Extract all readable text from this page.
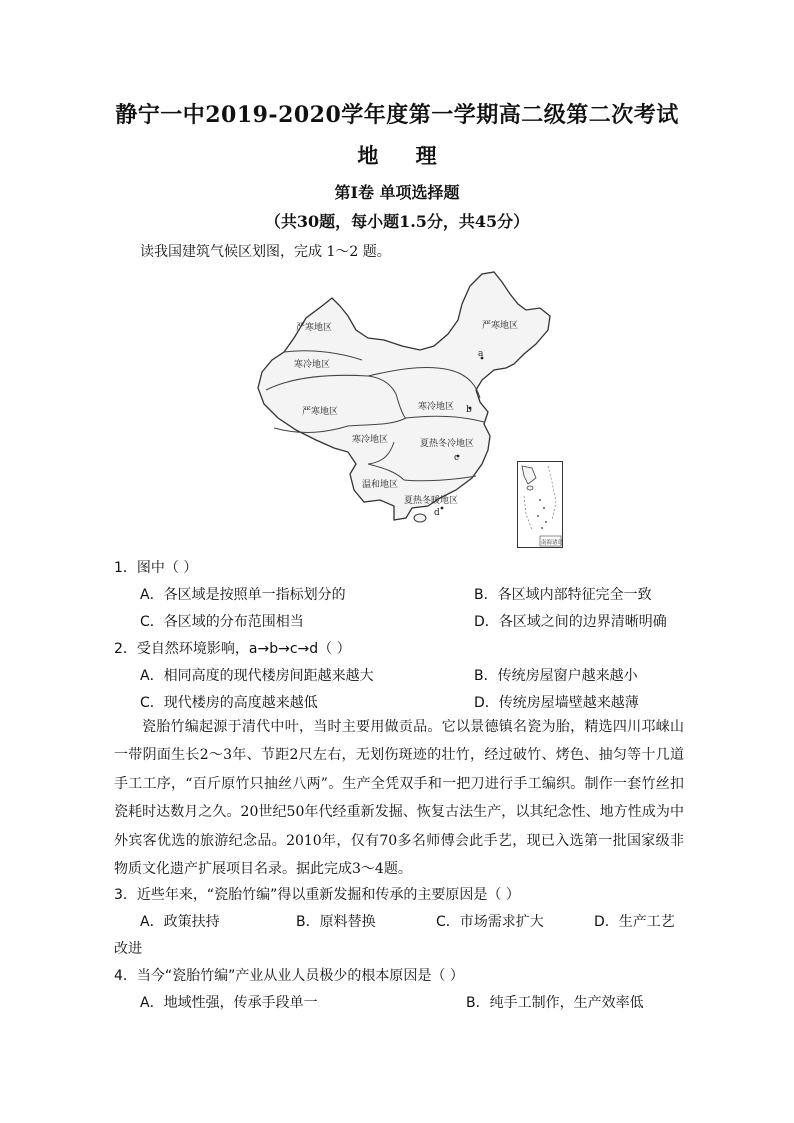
静宁一中2019-2020学年度第一学期高二级第二次考试
地 理
第Ⅰ卷 单项选择题
（共30题，每小题1.5分，共45分）
读我国建筑气候区划图，完成 1～2 题。
严寒地区	严寒地区
寒冷地区
严寒地区	寒冷地区
寒冷地区	夏热冬冷地区
温和地区
夏热冬暖地区
a
b
c
d
南海诸岛
1．图中（ ）
A．各区域是按照单一指标划分的	B．各区域内部特征完全一致
C．各区域的分布范围相当	D．各区域之间的边界清晰明确
2．受自然环境影响，a→b→c→d（ ）
A．相同高度的现代楼房间距越来越大	B．传统房屋窗户越来越小
C．现代楼房的高度越来越低	D．传统房屋墙壁越来越薄
瓷胎竹编起源于清代中叶，当时主要用做贡品。它以景德镇名瓷为胎，精选四川邛崃山一带阴面生长2～3年、节距2尺左右，无划伤斑迹的壮竹，经过破竹、烤色、抽匀等十几道手工工序，“百斤原竹只抽丝八两”。生产全凭双手和一把刀进行手工编织。制作一套竹丝扣瓷耗时达数月之久。20世纪50年代经重新发掘、恢复古法生产，以其纪念性、地方性成为中外宾客优选的旅游纪念品。2010年，仅有70多名师傅会此手艺，现已入选第一批国家级非物质文化遗产扩展项目名录。据此完成3～4题。
3．近些年来，“瓷胎竹编”得以重新发掘和传承的主要原因是（ ）
A．政策扶持	B．原料替换	C．市场需求扩大	D．生产工艺
改进
4．当今“瓷胎竹编”产业从业人员极少的根本原因是（ ）
A．地域性强，传承手段单一	B．纯手工制作，生产效率低
